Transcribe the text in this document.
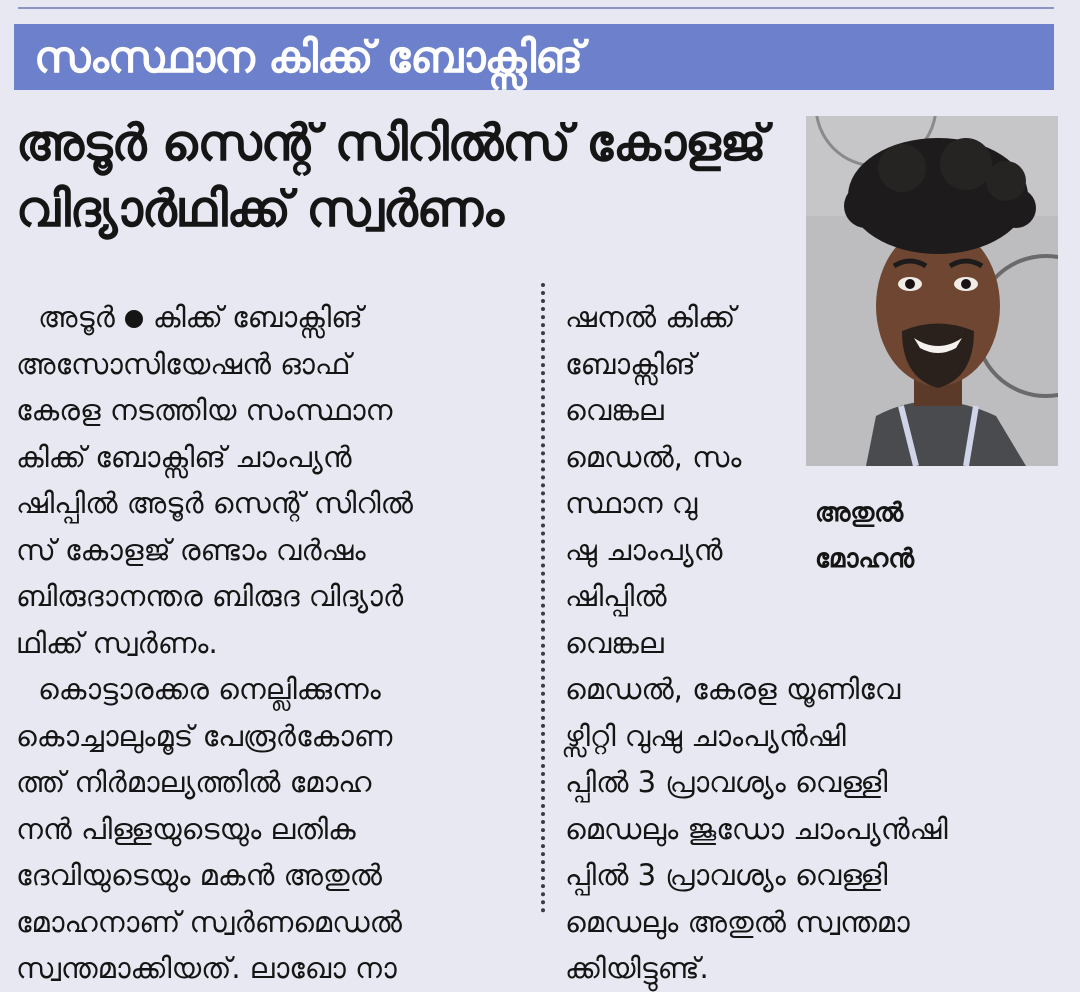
സംസ്ഥാന കിക്ക് ബോക്സിങ്
അടൂർ സെന്റ് സിറിൽസ് കോളജ്
വിദ്യാർഥിക്ക് സ്വർണം
അതുൽ
മോഹൻ
അടൂർ കിക്ക് ബോക്സിങ്
അസോസിയേഷൻ ഓഫ്
കേരള നടത്തിയ സംസ്ഥാന
കിക്ക് ബോക്സിങ് ചാംപ്യൻ
ഷിപ്പിൽ അടൂർ സെന്റ് സിറിൽ
സ് കോളജ് രണ്ടാം വർഷം
ബിരുദാനന്തര ബിരുദ വിദ്യാർ
ഥിക്ക് സ്വർണം.
കൊട്ടാരക്കര നെല്ലിക്കുന്നം
കൊച്ചാലുംമൂട് പേരൂർകോണ
ത്ത് നിർമാല്യത്തിൽ മോഹ
നൻ പിള്ളയുടെയും ലതിക
ദേവിയുടെയും മകൻ അതുൽ
മോഹനാണ് സ്വർണമെഡൽ
സ്വന്തമാക്കിയത്. ലാഖോ നാ
ഷനൽ കിക്ക്
ബോക്സിങ്
വെങ്കല
മെഡൽ, സം
സ്ഥാന വു
ഷു ചാംപ്യൻ
ഷിപ്പിൽ
വെങ്കല
മെഡൽ, കേരള യൂണിവേ
ഴ്സിറ്റി വുഷു ചാംപ്യൻഷി
പ്പിൽ 3 പ്രാവശ്യം വെള്ളി
മെഡലും ജൂഡോ ചാംപ്യൻഷി
പ്പിൽ 3 പ്രാവശ്യം വെള്ളി
മെഡലും അതുൽ സ്വന്തമാ
ക്കിയിട്ടുണ്ട്.
